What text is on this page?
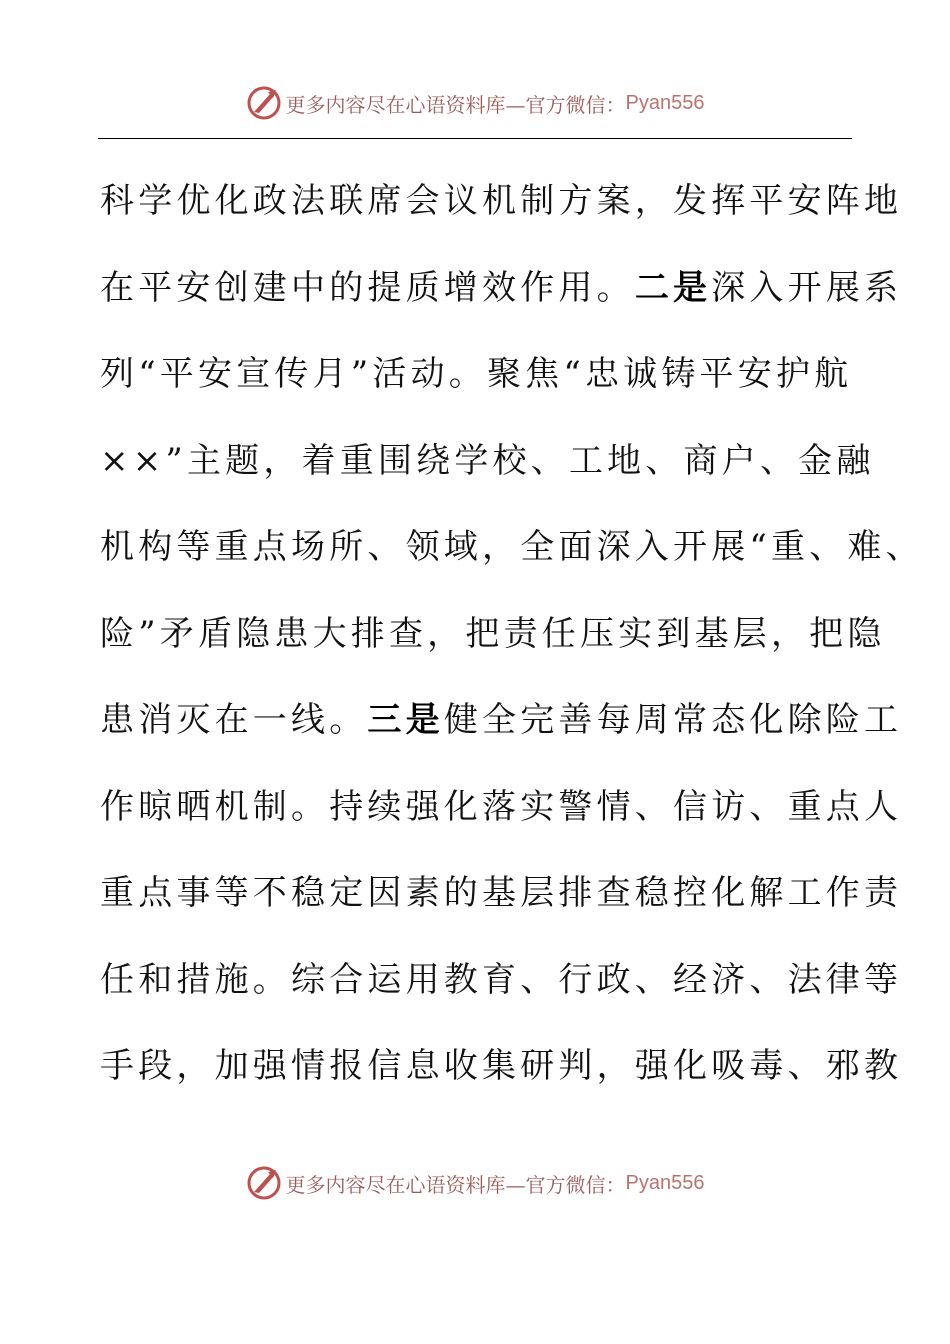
更多内容尽在心语资料库— 官方微信： Pyan556
科学优化政法联席会议机制方案，发挥平安阵地
在平安创建中的提质增效作用。二是深入开展系
列“平安宣传月”活动。聚焦“忠诚铸平安护航
××”主题，着重围绕学校、工地、商户、金融
机构等重点场所、领域，全面深入开展“重、难、
险”矛盾隐患大排查，把责任压实到基层，把隐
患消灭在一线。三是健全完善每周常态化除险工
作晾晒机制。持续强化落实警情、信访、重点人
重点事等不稳定因素的基层排查稳控化解工作责
任和措施。综合运用教育、行政、经济、法律等
手段，加强情报信息收集研判，强化吸毒、邪教
更多内容尽在心语资料库— 官方微信： Pyan556
